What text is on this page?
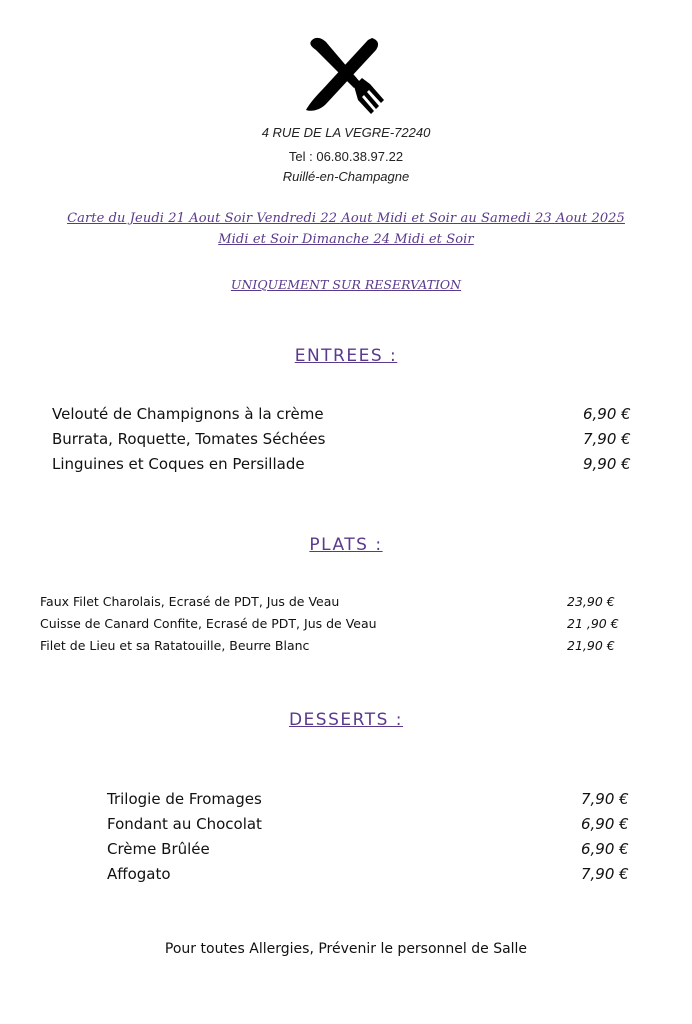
4 RUE DE LA VEGRE-72240
Tel : 06.80.38.97.22
Ruillé-en-Champagne
Carte du Jeudi 21 Aout Soir Vendredi 22 Aout Midi et Soir au Samedi 23 Aout 2025
Midi et Soir Dimanche 24 Midi et Soir
UNIQUEMENT SUR RESERVATION
ENTREES :
Velouté de Champignons à la crème	6,90 €
Burrata, Roquette, Tomates Séchées	7,90 €
Linguines et Coques en Persillade	9,90 €
PLATS :
Faux Filet Charolais, Ecrasé de PDT, Jus de Veau	23,90 €
Cuisse de Canard Confite, Ecrasé de PDT, Jus de Veau	21 ,90 €
Filet de Lieu et sa Ratatouille, Beurre Blanc	21,90 €
DESSERTS :
Trilogie de Fromages	7,90 €
Fondant au Chocolat	6,90 €
Crème Brûlée	6,90 €
Affogato	7,90 €
Pour toutes Allergies, Prévenir le personnel de Salle
